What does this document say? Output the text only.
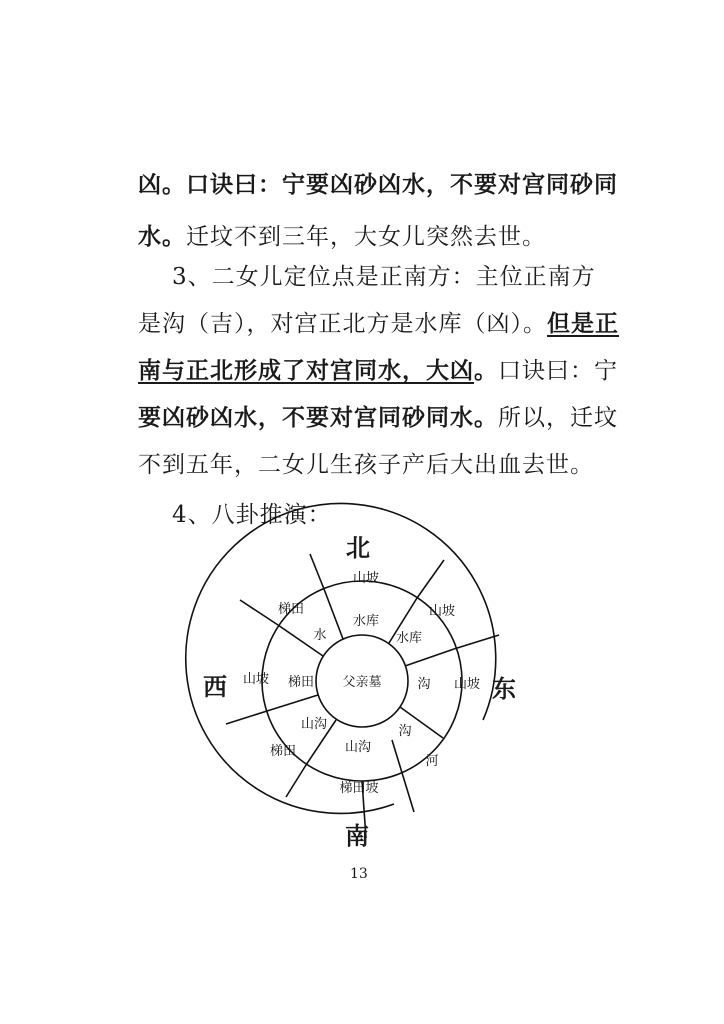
凶。口诀曰：宁要凶砂凶水，不要对宫同砂同
水。迁坟不到三年，大女儿突然去世。
3、二女儿定位点是正南方：主位正南方
是沟（吉），对宫正北方是水库（凶）。但是正
南与正北形成了对宫同水，大凶。口诀曰：宁
要凶砂凶水，不要对宫同砂同水。所以，迁坟
不到五年，二女儿生孩子产后大出血去世。
4、八卦推演：
父亲墓
水库
水库
沟
沟
山沟
山沟
梯田
水
山坡
山坡
山坡
河
梯田坡
梯田
山坡
梯田
北
西	东
南
13
